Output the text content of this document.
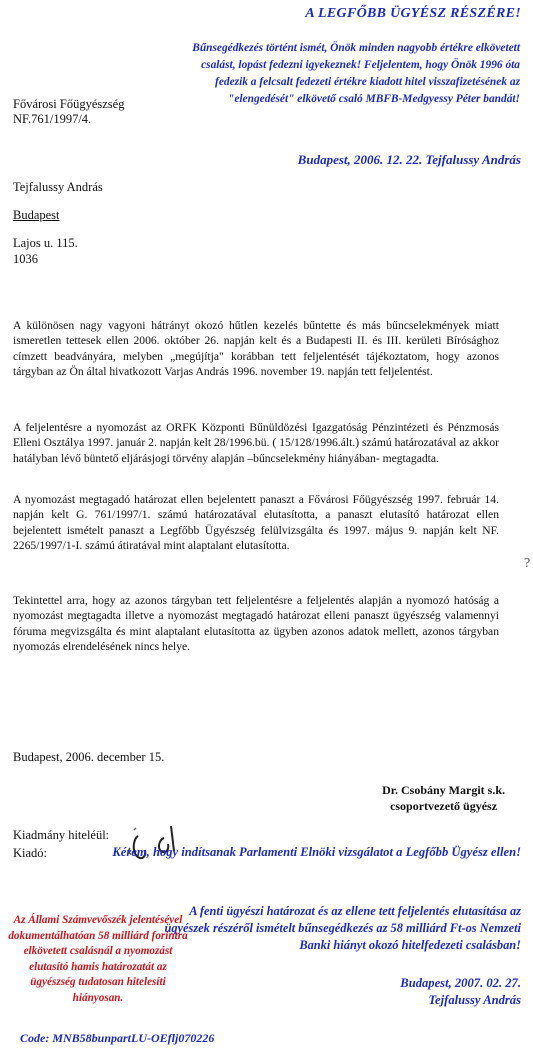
A LEGFŐBB ÜGYÉSZ RÉSZÉRE!
Bűnsegédkezés történt ismét, Önök minden nagyobb értékre elkövetett csalást, lopást fedezni igyekeznek! Feljelentem, hogy Önök 1996 óta fedezik a felcsalt fedezeti értékre kiadott hitel visszafizetésének az "elengedését" elkövető csaló MBFB-Medgyessy Péter bandát!
Budapest, 2006. 12. 22. Tejfalussy András
Fővárosi Főügyészség
NF.761/1997/4.
Tejfalussy András
Budapest
Lajos u. 115.
1036
A különösen nagy vagyoni hátrányt okozó hűtlen kezelés bűntette és más bűncselekmények miatt ismeretlen tettesek ellen 2006. október 26. napján kelt és a Budapesti II. és III. kerületi Bírósághoz címzett beadványára, melyben „megújítja" korábban tett feljelentését tájékoztatom, hogy azonos tárgyban az Ön által hivatkozott Varjas András 1996. november 19. napján tett feljelentést.
A feljelentésre a nyomozást az ORFK Központi Bűnüldözési Igazgatóság Pénzintézeti és Pénzmosás Elleni Osztálya 1997. január 2. napján kelt 28/1996.bü. ( 15/128/1996.ált.) számú határozatával az akkor hatályban lévő büntető eljárásjogi törvény alapján –bűncselekmény hiányában- megtagadta.
A nyomozást megtagadó határozat ellen bejelentett panaszt a Fővárosi Főügyészség 1997. február 14. napján kelt G. 761/1997/1. számú határozatával elutasította, a panaszt elutasító határozat ellen bejelentett ismételt panaszt a Legfőbb Ügyészség felülvizsgálta és 1997. május 9. napján kelt NF. 2265/1997/1-I. számú átiratával mint alaptalant elutasította.
Tekintettel arra, hogy az azonos tárgyban tett feljelentésre a feljelentés alapján a nyomozó hatóság a nyomozást megtagadta illetve a nyomozást megtagadó határozat elleni panaszt ügyészség valamennyi fóruma megvizsgálta és mint alaptalant elutasította az ügyben azonos adatok mellett, azonos tárgyban nyomozás elrendelésének nincs helye.
Budapest, 2006. december 15.
Dr. Csobány Margit s.k.
csoportvezető ügyész
Kiadmány hiteléül:
Kiadó:	Kérem, hogy indítsanak Parlamenti Elnöki vizsgálatot a Legfőbb Ügyész ellen!
A fenti ügyészi határozat és az ellene tett feljelentés elutasítása az ügyészek részéről ismételt bűnsegédkezés az 58 milliárd Ft-os Nemzeti Banki hiányt okozó hitelfedezeti csalásban!
Az Állami Számvevőszék jelentésével dokumentálhatóan 58 milliárd forintra elkövetett csalásnál a nyomozást elutasító hamis határozatát az ügyészség tudatosan hitelesíti hiányosan.
Budapest, 2007. 02. 27.
Tejfalussy András
Code: MNB58bunpartLU-OEflj070226
?
